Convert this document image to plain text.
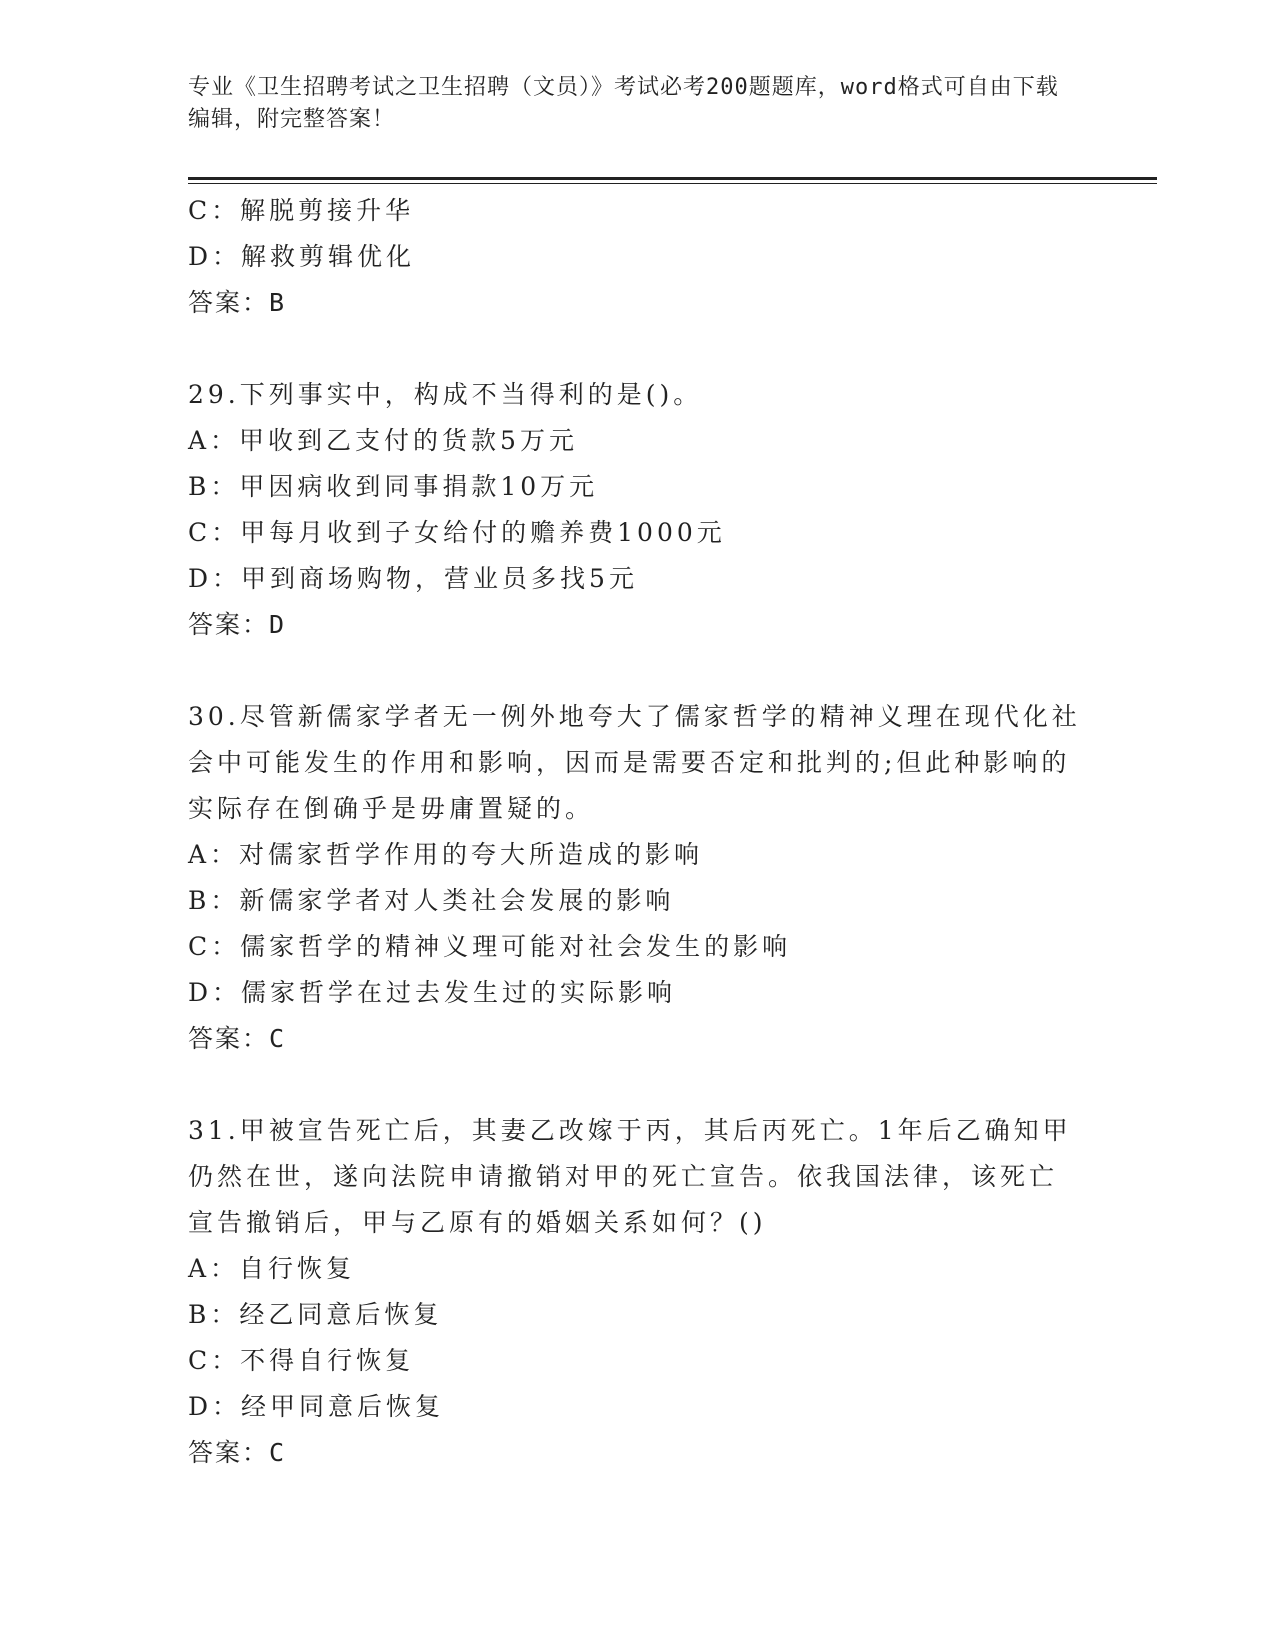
专业《卫生招聘考试之卫生招聘（文员）》考试必考200题题库，word格式可自由下载编辑，附完整答案！
C：解脱剪接升华
D：解救剪辑优化
答案：B
29.下列事实中，构成不当得利的是()。
A：甲收到乙支付的货款5万元
B：甲因病收到同事捐款10万元
C：甲每月收到子女给付的赡养费1000元
D：甲到商场购物，营业员多找5元
答案：D
30.尽管新儒家学者无一例外地夸大了儒家哲学的精神义理在现代化社
会中可能发生的作用和影响，因而是需要否定和批判的;但此种影响的
实际存在倒确乎是毋庸置疑的。
A：对儒家哲学作用的夸大所造成的影响
B：新儒家学者对人类社会发展的影响
C：儒家哲学的精神义理可能对社会发生的影响
D：儒家哲学在过去发生过的实际影响
答案：C
31.甲被宣告死亡后，其妻乙改嫁于丙，其后丙死亡。1年后乙确知甲
仍然在世，遂向法院申请撤销对甲的死亡宣告。依我国法律，该死亡
宣告撤销后，甲与乙原有的婚姻关系如何？()
A：自行恢复
B：经乙同意后恢复
C：不得自行恢复
D：经甲同意后恢复
答案：C
